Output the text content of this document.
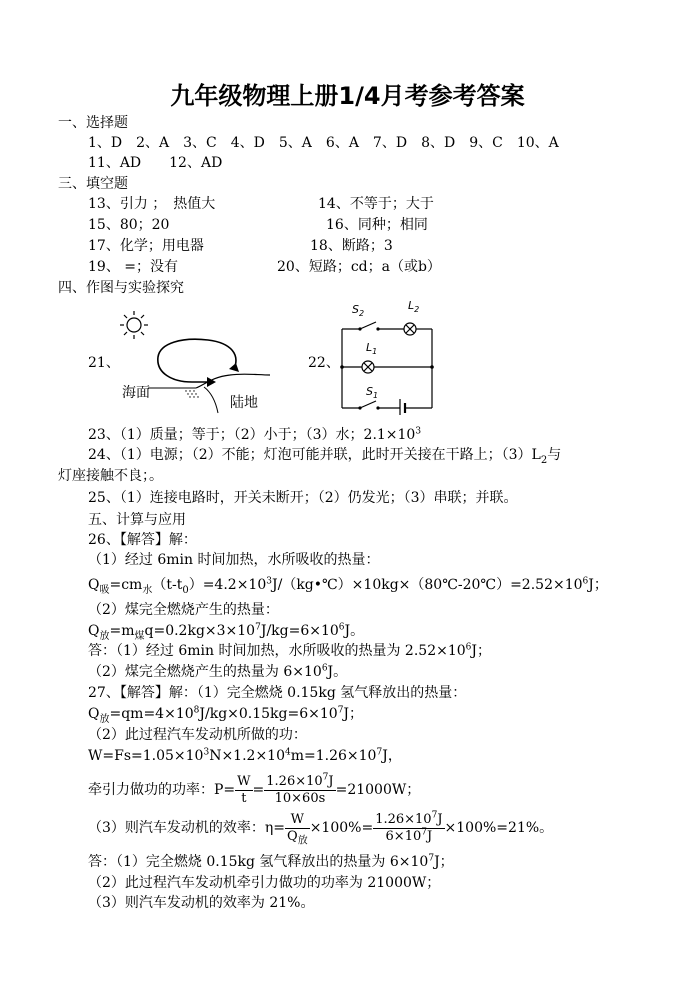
九年级物理上册1/4月考参考答案
一、选择题
1、D　2、A　3、C　4、D　5、A　6、A　7、D　8、D　9、C　10、A
11、AD　　12、AD
三、填空题
13、引力 ；　热值大	14、不等于；大于
15、80；20	16、同种；相同
17、化学；用电器	18、断路；3
19、 =；没有	20、短路；cd；a（或b）
四、作图与实验探究
21、
海面
陆地
22、
$S_2$
$L_2$
$L_1$
$S_1$
23、（1）质量；等于；（2）小于；（3）水；$2.1\times 10^3$
24、（1）电源；（2）不能；灯泡可能并联，此时开关接在干路上；$(3)L_2$与
灯座接触不良；。
25、（1）连接电路时，开关未断开；（2）仍发光；（3）串联；并联。
五、计算与应用
26、【解答】解：
（1）经过 6min 时间加热，水所吸收的热量：
$Q_吸=cm_水(t-t_0)=4.2\times 10^3J/(kg•℃)\times 10kg\times(80℃-20℃)=2.52\times 10^6J$；
（2）煤完全燃烧产生的热量：
$Q_放=m_煤q=0.2kg\times 3\times 10^7J/kg=6\times 10^6J$。
答：（1）经过 6min 时间加热，水所吸收的热量为 $2.52\times 10^6J$；
（2）煤完全燃烧产生的热量为 $6\times 10^6J$。
27、【解答】解：（1）完全燃烧 0.15kg 氢气释放出的热量：
$Q_放=qm=4\times 10^8J/kg\times 0.15kg=6\times 10^7J$；
（2）此过程汽车发动机所做的功：
$W=Fs=1.05\times 10^3N\times 1.2\times 10^4m=1.26\times 10^7J$，
牵引力做功的功率：$P= \frac{W}{t} = \frac{1.26\times 10^7J}{10\times 60s} =21000W$；
（3）则汽车发动机的效率：$\eta= \frac{W}{Q_放} \times 100\%= \frac{1.26\times 10^7J}{6\times 10^7J} \times 100\%=21\%$。
答：（1）完全燃烧 0.15kg 氢气释放出的热量为 $6\times 10^7J$；
（2）此过程汽车发动机牵引力做功的功率为 21000W；
（3）则汽车发动机的效率为 21%。
